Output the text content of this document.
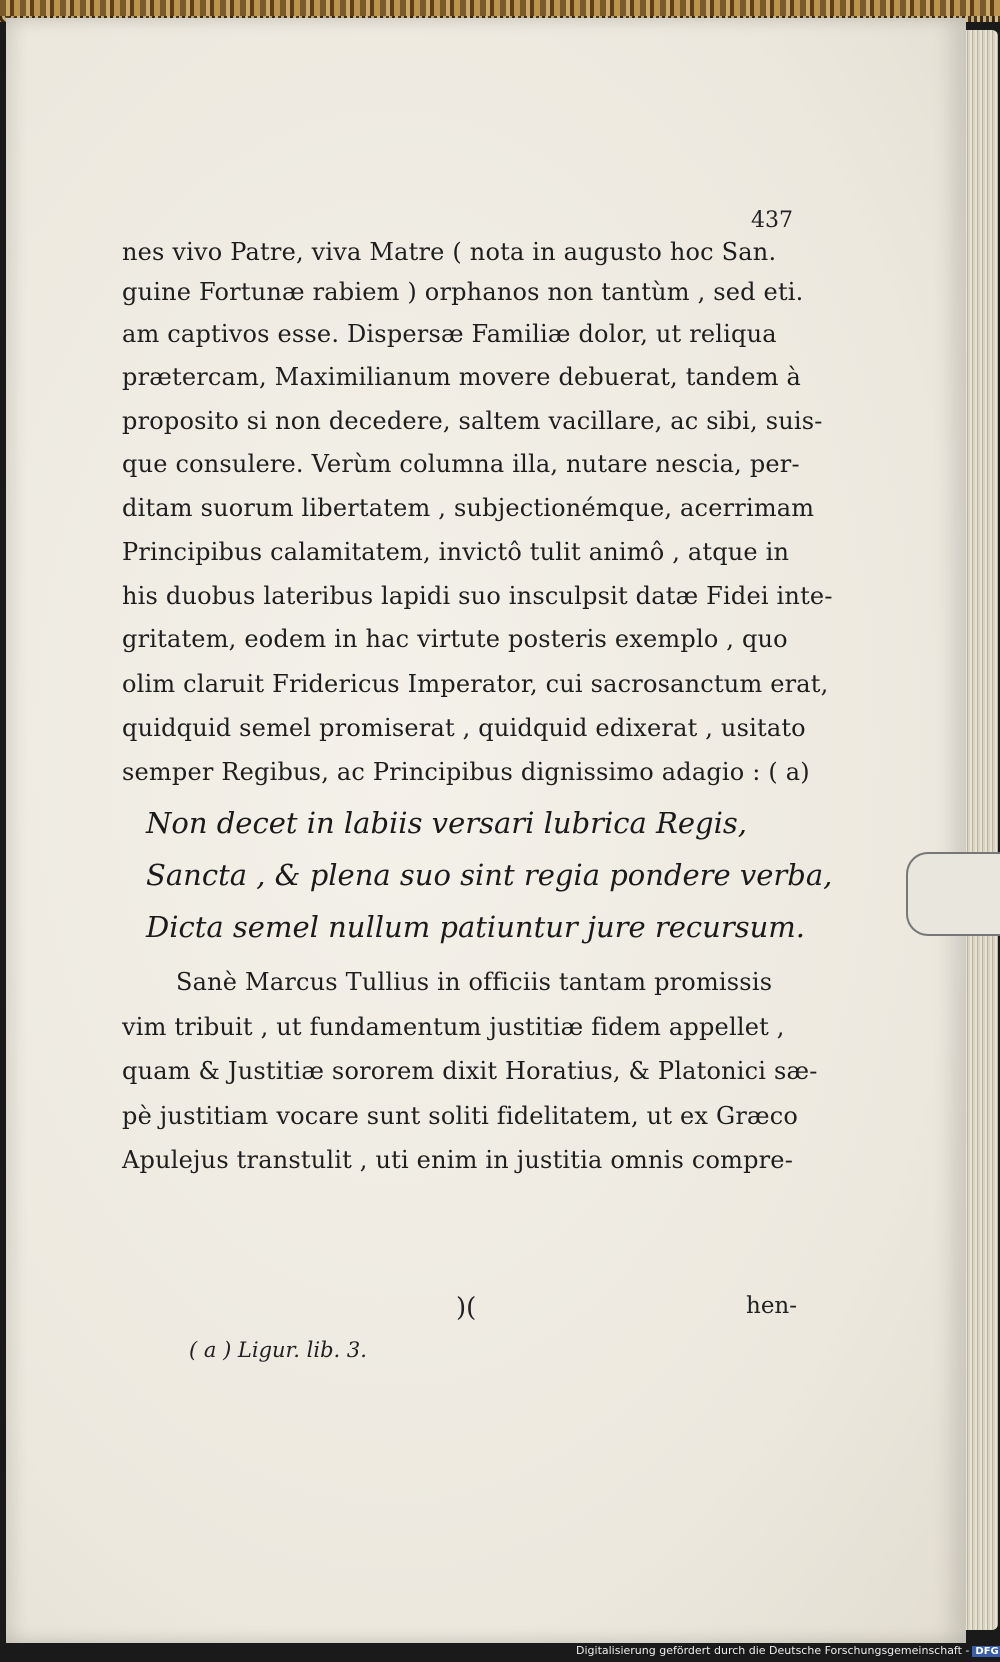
437
nes vivo Patre, viva Matre ( nota in augusto hoc San.
guine Fortunæ rabiem ) orphanos non tantùm , sed eti.
am captivos esse. Dispersæ Familiæ dolor, ut reliqua
prætercam, Maximilianum movere debuerat, tandem à
proposito si non decedere, saltem vacillare, ac sibi, suis-
que consulere. Verùm columna illa, nutare nescia, per-
ditam suorum libertatem , subjectionémque, acerrimam
Principibus calamitatem, invictô tulit animô , atque in
his duobus lateribus lapidi suo insculpsit datæ Fidei inte-
gritatem, eodem in hac virtute posteris exemplo , quo
olim claruit Fridericus Imperator, cui sacrosanctum erat,
quidquid semel promiserat , quidquid edixerat , usitato
semper Regibus, ac Principibus dignissimo adagio : ( a)
Non decet in labiis versari lubrica Regis,
Sancta , & plena suo sint regia pondere verba,
Dicta semel nullum patiuntur jure recursum.
Sanè Marcus Tullius in officiis tantam promissis
vim tribuit , ut fundamentum justitiæ fidem appellet ,
quam & Justitiæ sororem dixit Horatius, & Platonici sæ-
pè justitiam vocare sunt soliti fidelitatem, ut ex Græco
Apulejus transtulit , uti enim in justitia omnis compre-
)(	hen-
( a ) Ligur. lib. 3.
Digitalisierung gefördert durch die Deutsche Forschungsgemeinschaft - DFG
